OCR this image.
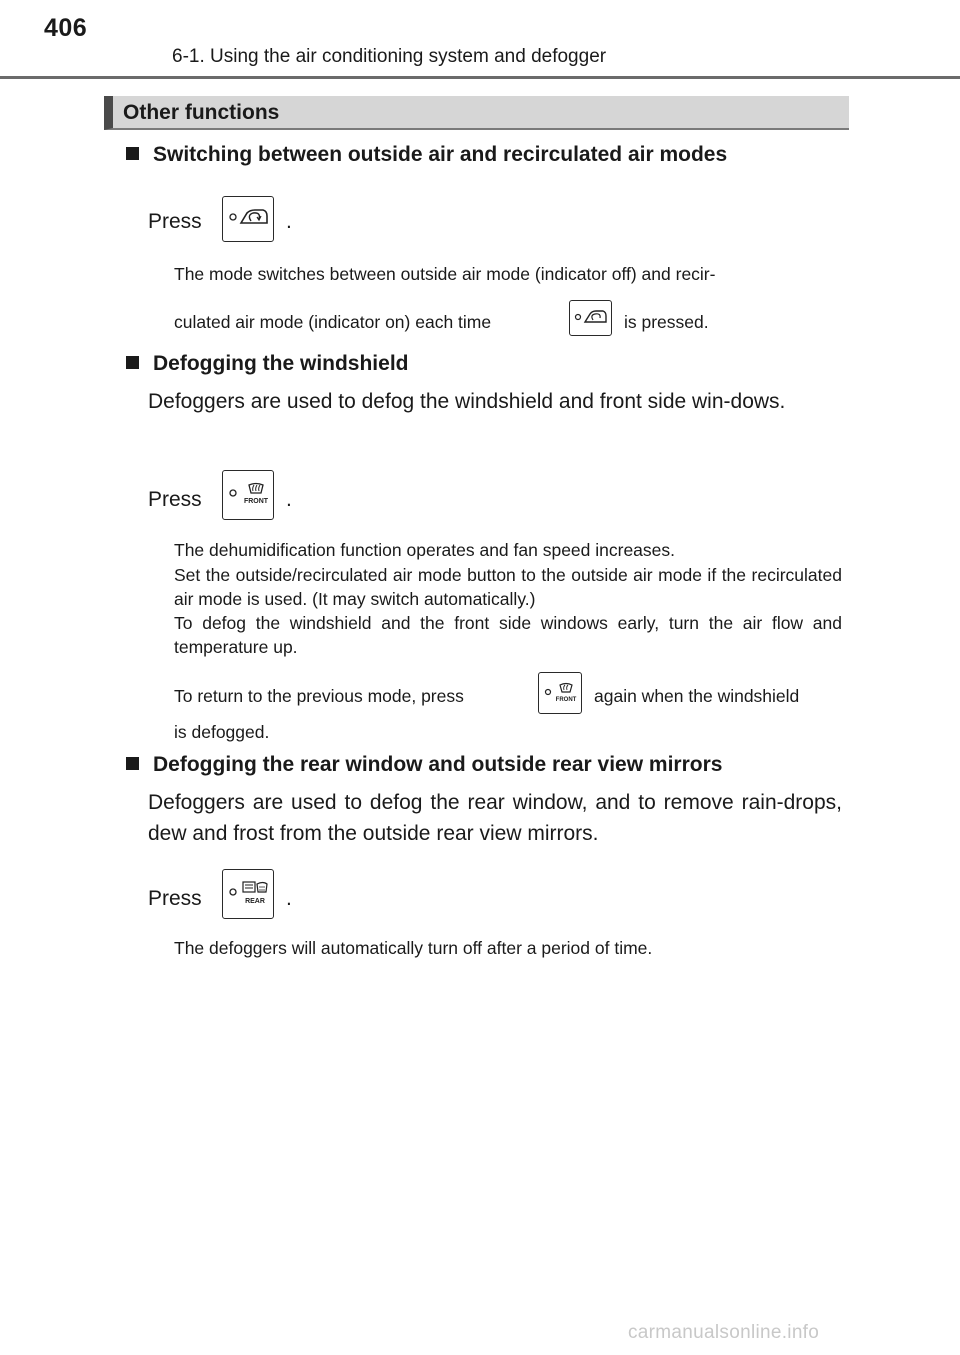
406
6-1. Using the air conditioning system and defogger
Other functions
Switching between outside air and recirculated air modes
Press	.
The mode switches between outside air mode (indicator off) and recir-
culated air mode (indicator on) each time	is pressed.
Defogging the windshield
Defoggers are used to defog the windshield and front side win-dows.
Press	FRONT .
The dehumidification function operates and fan speed increases.
Set the outside/recirculated air mode button to the outside air mode if the recirculated air mode is used. (It may switch automatically.)
To defog the windshield and the front side windows early, turn the air flow and temperature up.
To return to the previous mode, press	FRONT again when the windshield
is defogged.
Defogging the rear window and outside rear view mirrors
Defoggers are used to defog the rear window, and to remove rain-drops, dew and frost from the outside rear view mirrors.
Press	REAR .
The defoggers will automatically turn off after a period of time.
carmanualsonline.info
